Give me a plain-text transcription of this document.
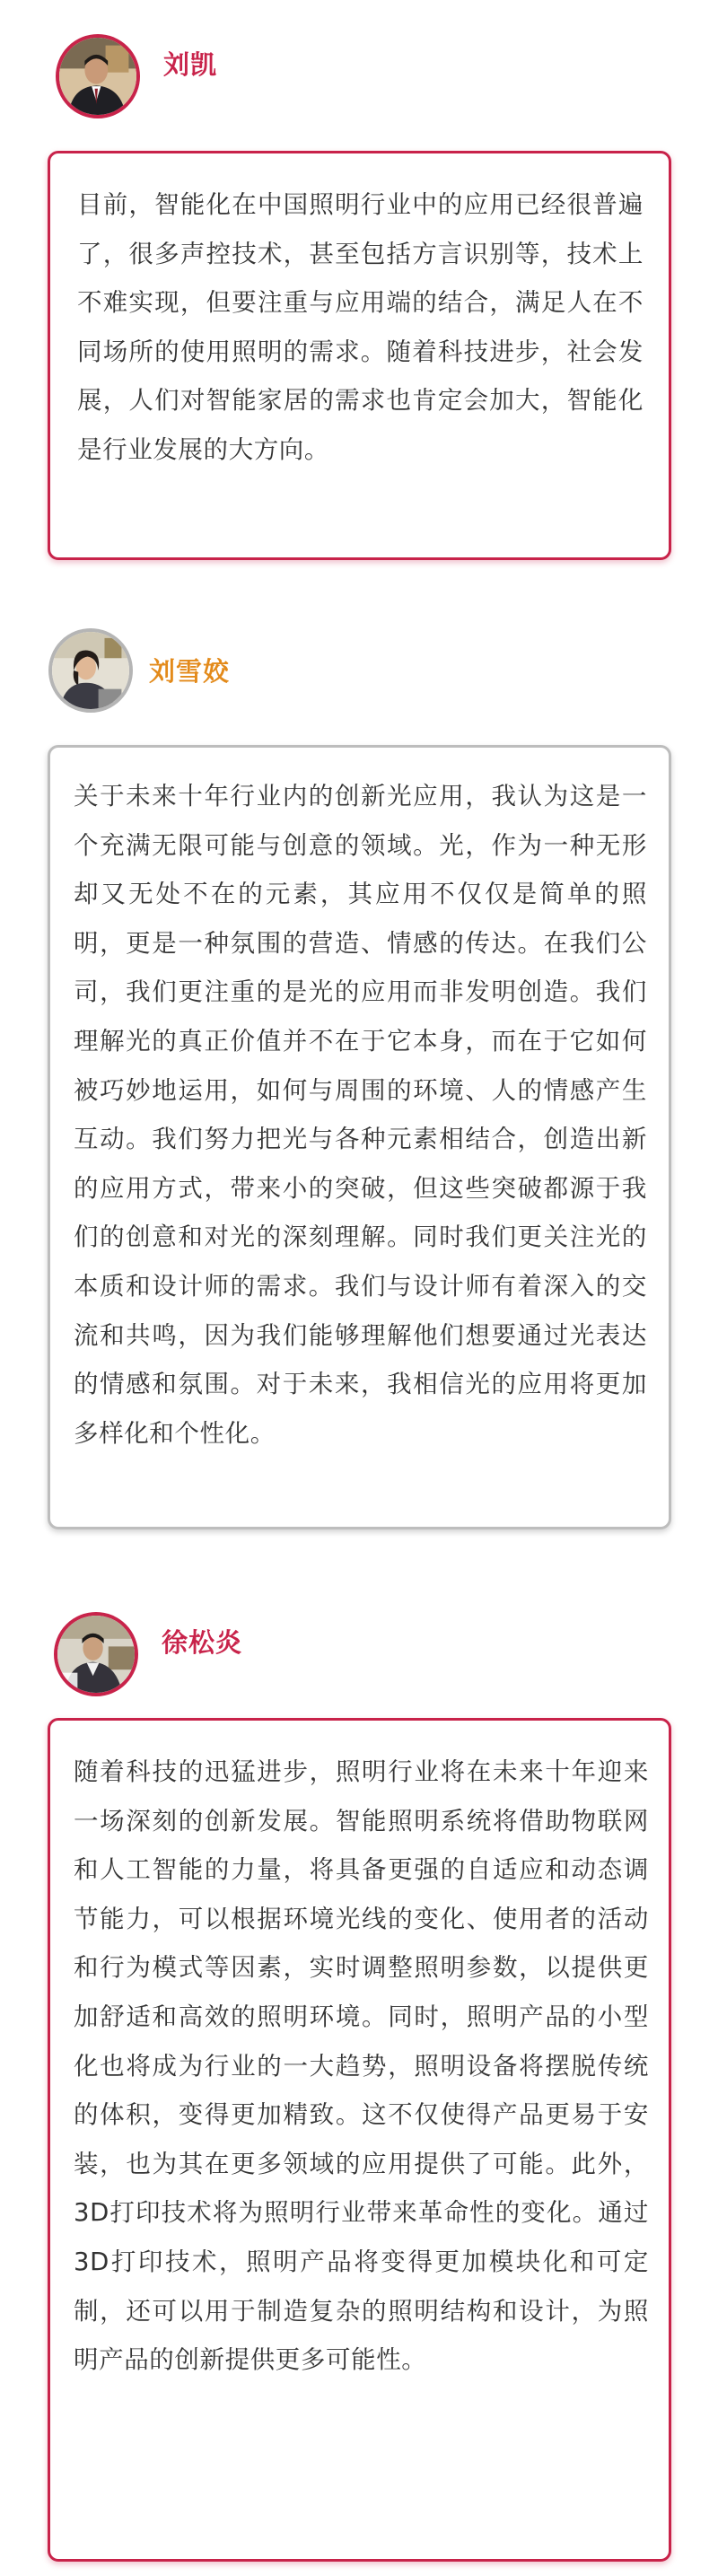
刘凯

目前，智能化在中国照明行业中的应用已经很普遍了，很多声控技术，甚至包括方言识别等，技术上不难实现，但要注重与应用端的结合，满足人在不同场所的使用照明的需求。随着科技进步，社会发展，人们对智能家居的需求也肯定会加大，智能化是行业发展的大方向。

刘雪姣

关于未来十年行业内的创新光应用，我认为这是一个充满无限可能与创意的领域。光，作为一种无形却又无处不在的元素，其应用不仅仅是简单的照明，更是一种氛围的营造、情感的传达。在我们公司，我们更注重的是光的应用而非发明创造。我们理解光的真正价值并不在于它本身，而在于它如何被巧妙地运用，如何与周围的环境、人的情感产生互动。我们努力把光与各种元素相结合，创造出新的应用方式，带来小的突破，但这些突破都源于我们的创意和对光的深刻理解。同时我们更关注光的本质和设计师的需求。我们与设计师有着深入的交流和共鸣，因为我们能够理解他们想要通过光表达的情感和氛围。对于未来，我相信光的应用将更加多样化和个性化。

徐松炎

随着科技的迅猛进步，照明行业将在未来十年迎来一场深刻的创新发展。智能照明系统将借助物联网和人工智能的力量，将具备更强的自适应和动态调节能力，可以根据环境光线的变化、使用者的活动和行为模式等因素，实时调整照明参数，以提供更加舒适和高效的照明环境。同时，照明产品的小型化也将成为行业的一大趋势，照明设备将摆脱传统的体积，变得更加精致。这不仅使得产品更易于安装，也为其在更多领域的应用提供了可能。此外，3D打印技术将为照明行业带来革命性的变化。通过3D打印技术，照明产品将变得更加模块化和可定制，还可以用于制造复杂的照明结构和设计，为照明产品的创新提供更多可能性。
